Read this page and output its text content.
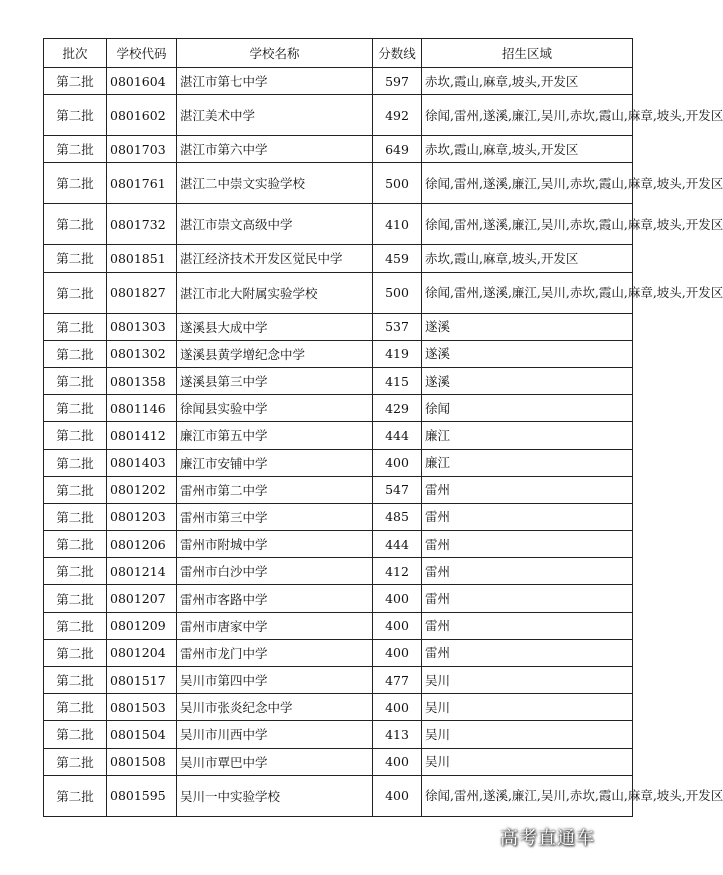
批次	学校代码	学校名称	分数线	招生区域
第二批	0801604	湛江市第七中学	597	赤坎,霞山,麻章,坡头,开发区
第二批	0801602	湛江美术中学	492	徐闻,雷州,遂溪,廉江,吴川,赤坎,霞山,麻章,坡头,开发区
第二批	0801703	湛江市第六中学	649	赤坎,霞山,麻章,坡头,开发区
第二批	0801761	湛江二中崇文实验学校	500	徐闻,雷州,遂溪,廉江,吴川,赤坎,霞山,麻章,坡头,开发区
第二批	0801732	湛江市崇文高级中学	410	徐闻,雷州,遂溪,廉江,吴川,赤坎,霞山,麻章,坡头,开发区
第二批	0801851	湛江经济技术开发区觉民中学	459	赤坎,霞山,麻章,坡头,开发区
第二批	0801827	湛江市北大附属实验学校	500	徐闻,雷州,遂溪,廉江,吴川,赤坎,霞山,麻章,坡头,开发区
第二批	0801303	遂溪县大成中学	537	遂溪
第二批	0801302	遂溪县黄学增纪念中学	419	遂溪
第二批	0801358	遂溪县第三中学	415	遂溪
第二批	0801146	徐闻县实验中学	429	徐闻
第二批	0801412	廉江市第五中学	444	廉江
第二批	0801403	廉江市安铺中学	400	廉江
第二批	0801202	雷州市第二中学	547	雷州
第二批	0801203	雷州市第三中学	485	雷州
第二批	0801206	雷州市附城中学	444	雷州
第二批	0801214	雷州市白沙中学	412	雷州
第二批	0801207	雷州市客路中学	400	雷州
第二批	0801209	雷州市唐家中学	400	雷州
第二批	0801204	雷州市龙门中学	400	雷州
第二批	0801517	吴川市第四中学	477	吴川
第二批	0801503	吴川市张炎纪念中学	400	吴川
第二批	0801504	吴川市川西中学	413	吴川
第二批	0801508	吴川市覃巴中学	400	吴川
第二批	0801595	吴川一中实验学校	400	徐闻,雷州,遂溪,廉江,吴川,赤坎,霞山,麻章,坡头,开发区
高考直通车
